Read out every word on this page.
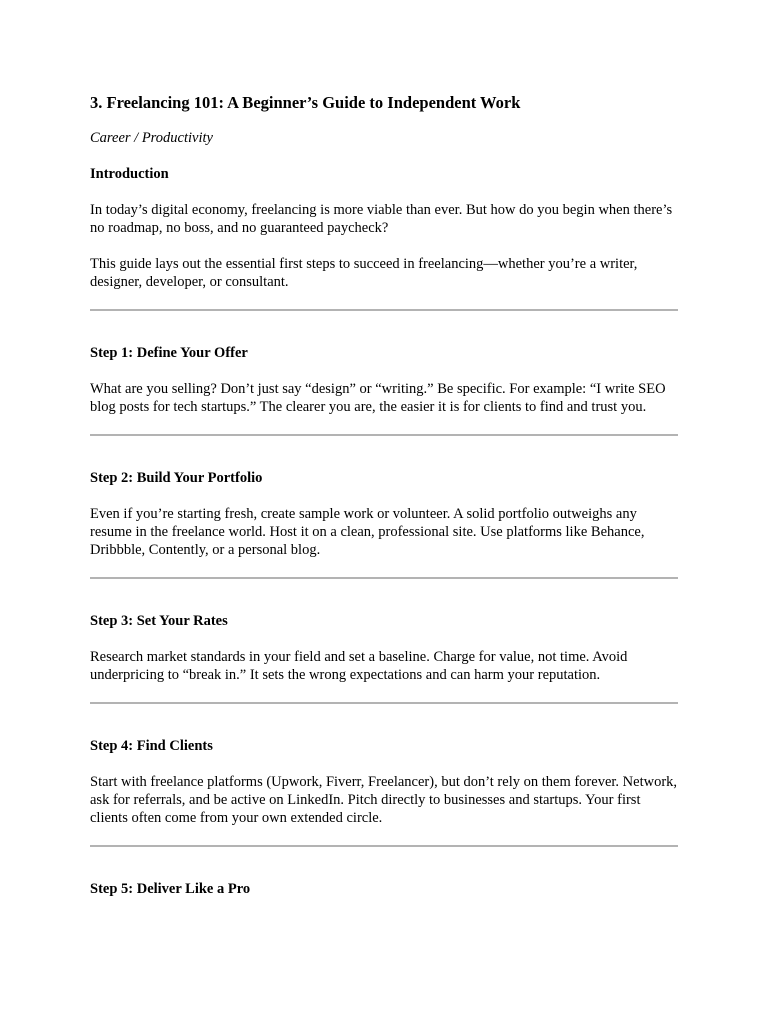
3. Freelancing 101: A Beginner’s Guide to Independent Work

Career / Productivity

Introduction

In today’s digital economy, freelancing is more viable than ever. But how do you begin when there’s no roadmap, no boss, and no guaranteed paycheck?

This guide lays out the essential first steps to succeed in freelancing—whether you’re a writer, designer, developer, or consultant.

Step 1: Define Your Offer

What are you selling? Don’t just say “design” or “writing.” Be specific. For example: “I write SEO blog posts for tech startups.” The clearer you are, the easier it is for clients to find and trust you.

Step 2: Build Your Portfolio

Even if you’re starting fresh, create sample work or volunteer. A solid portfolio outweighs any resume in the freelance world. Host it on a clean, professional site. Use platforms like Behance, Dribbble, Contently, or a personal blog.

Step 3: Set Your Rates

Research market standards in your field and set a baseline. Charge for value, not time. Avoid underpricing to “break in.” It sets the wrong expectations and can harm your reputation.

Step 4: Find Clients

Start with freelance platforms (Upwork, Fiverr, Freelancer), but don’t rely on them forever. Network, ask for referrals, and be active on LinkedIn. Pitch directly to businesses and startups. Your first clients often come from your own extended circle.

Step 5: Deliver Like a Pro
